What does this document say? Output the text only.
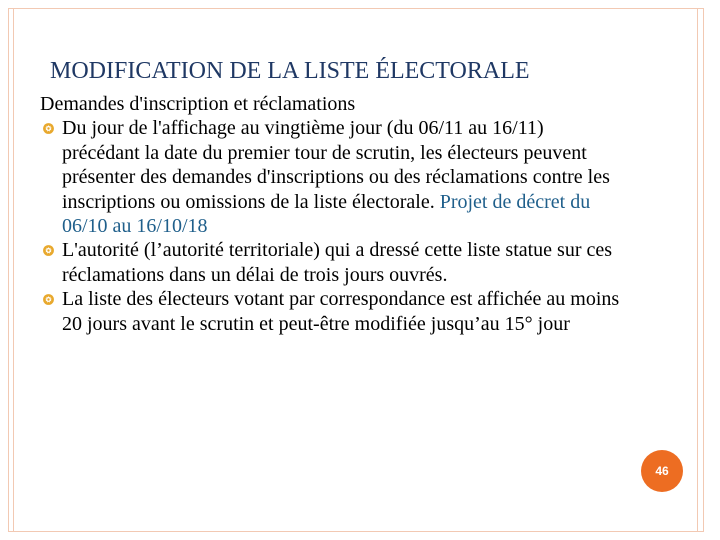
MODIFICATION DE LA LISTE ÉLECTORALE

Demandes d'inscription et réclamations

Du jour de l'affichage au vingtième jour (du 06/11 au 16/11) précédant la date du premier tour de scrutin, les électeurs peuvent présenter des demandes d'inscriptions ou des réclamations contre les inscriptions ou omissions de la liste électorale. Projet de décret du 06/10 au 16/10/18
L'autorité (l’autorité territoriale) qui a dressé cette liste statue sur ces réclamations dans un délai de trois jours ouvrés.
La liste des électeurs votant par correspondance est affichée au moins 20 jours avant le scrutin et peut-être modifiée jusqu’au 15° jour
46
